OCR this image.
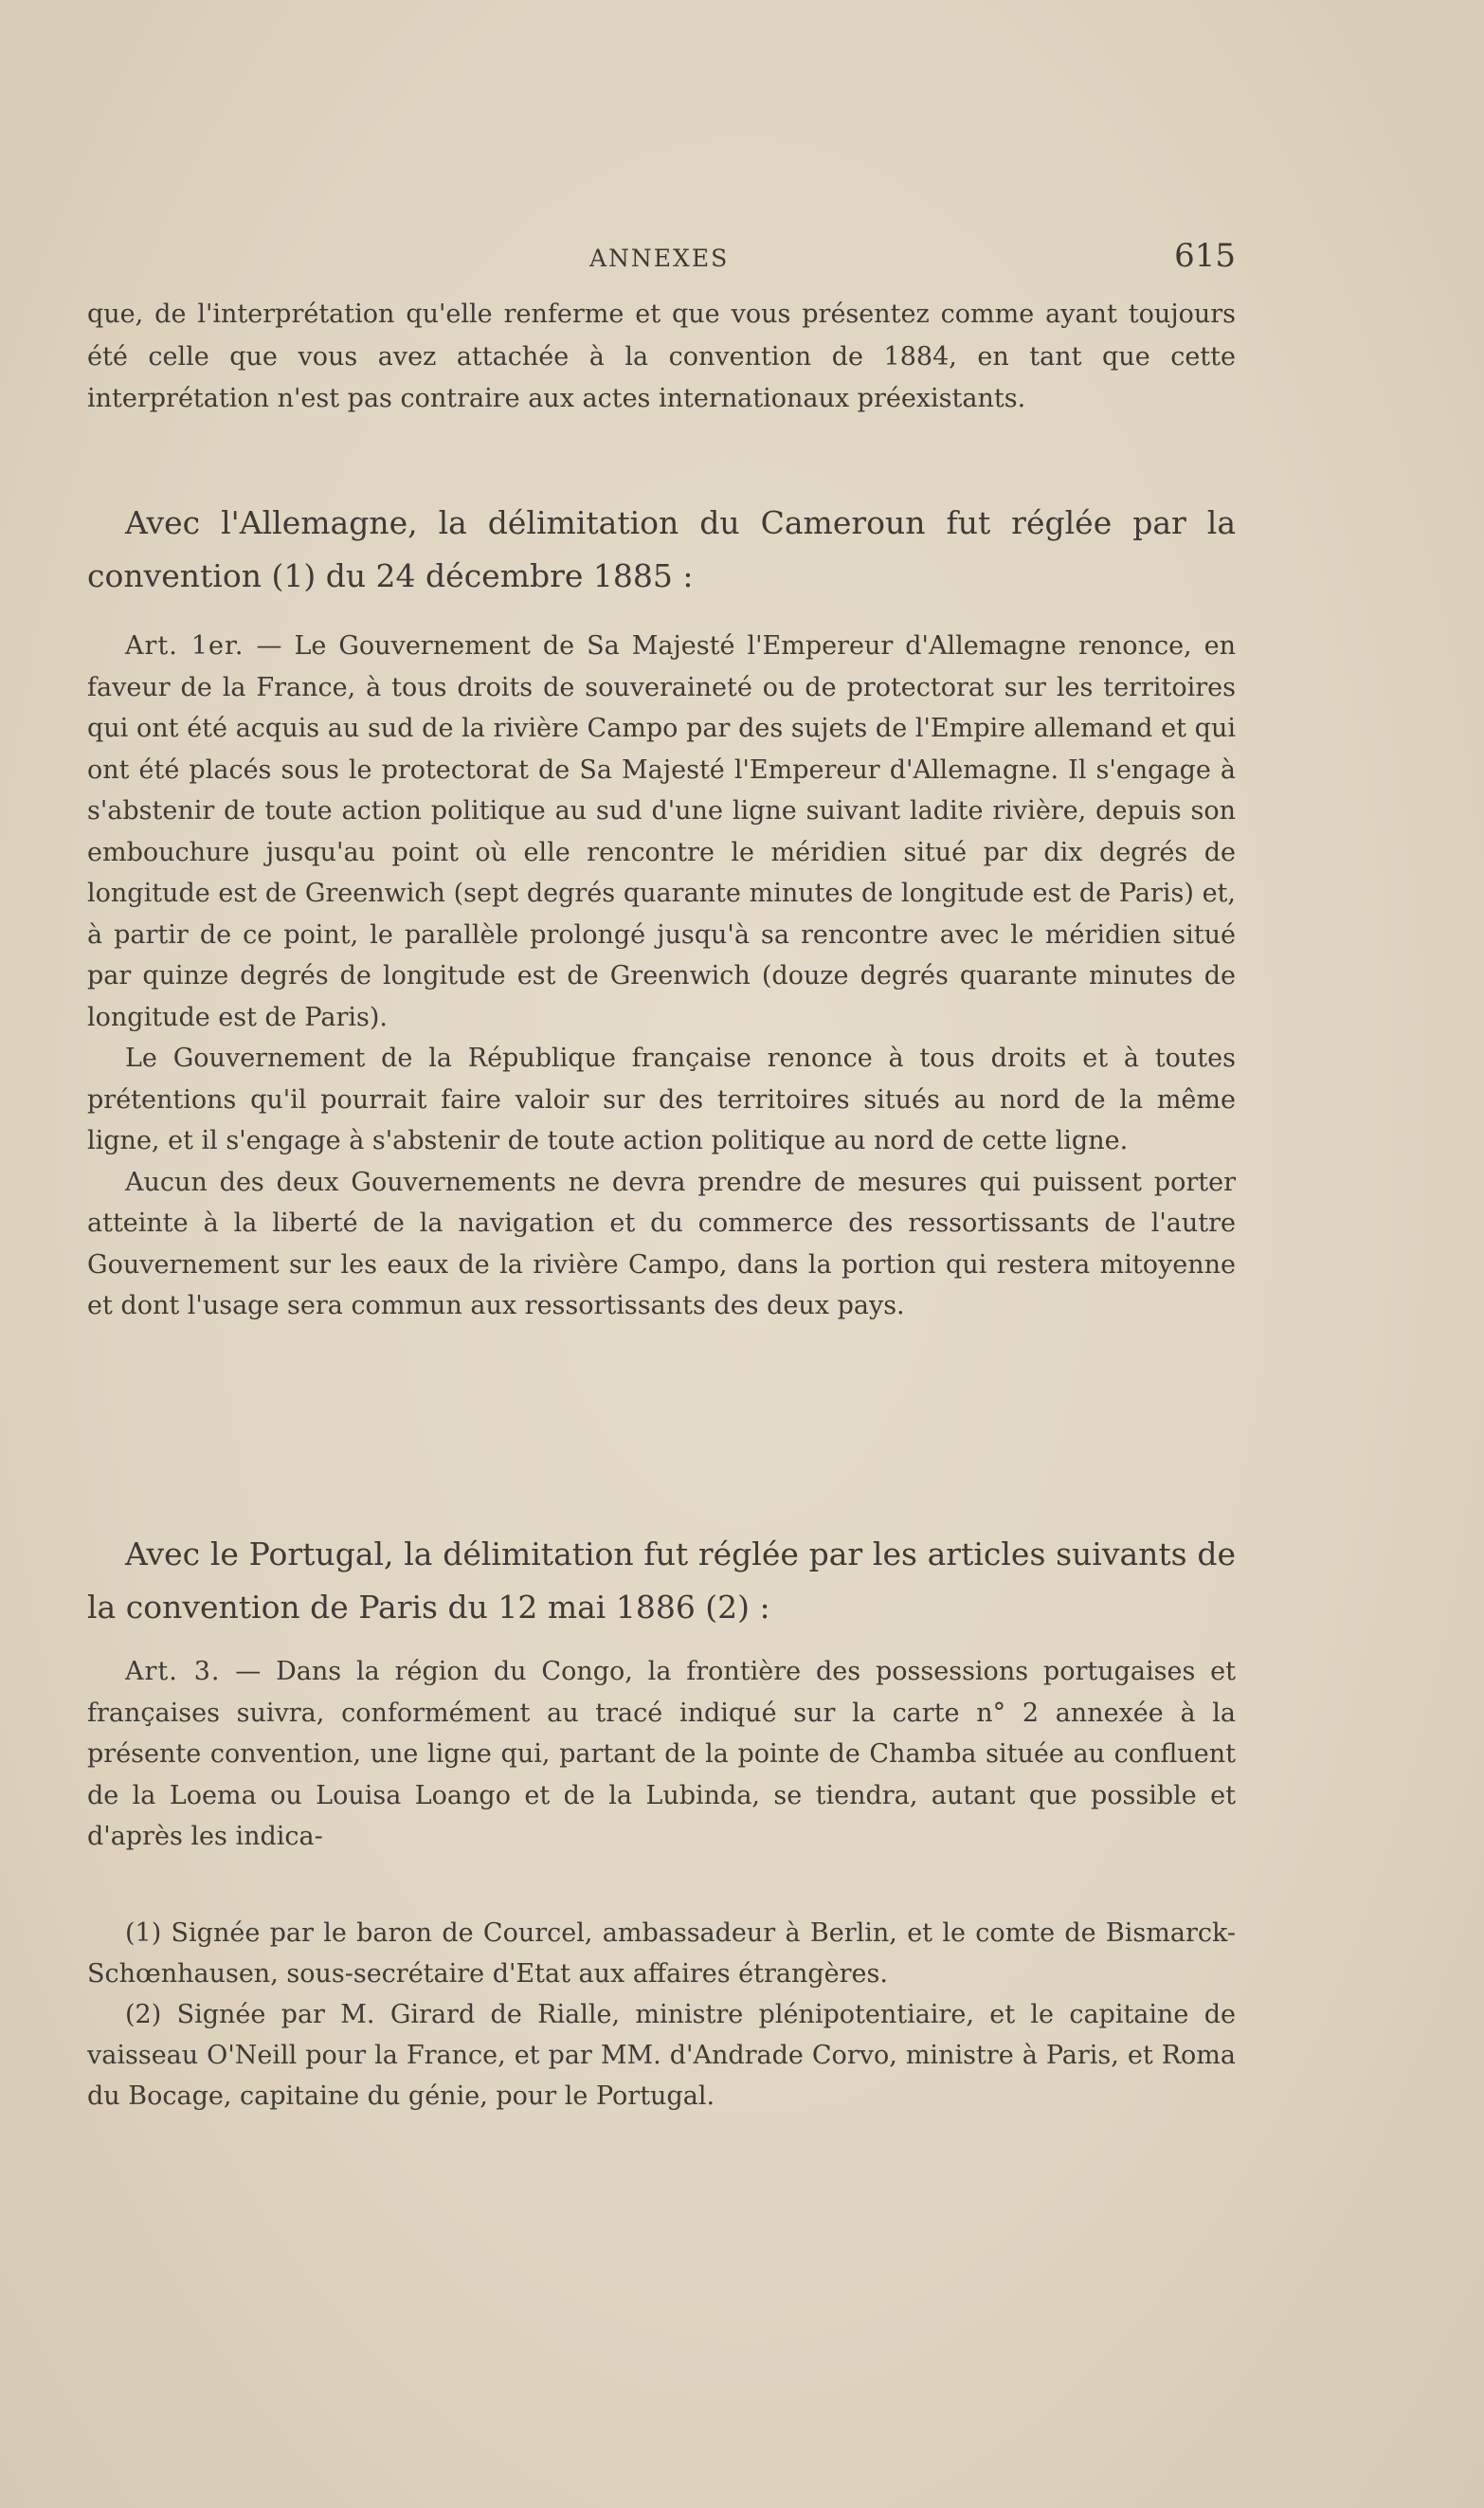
ANNEXES	615

que, de l'interprétation qu'elle renferme et que vous présentez comme ayant toujours été celle que vous avez attachée à la convention de 1884, en tant que cette interprétation n'est pas contraire aux actes internationaux préexistants.

Avec l'Allemagne, la délimitation du Cameroun fut réglée par la convention (1) du 24 décembre 1885 :

Art. 1er. — Le Gouvernement de Sa Majesté l'Empereur d'Allemagne renonce, en faveur de la France, à tous droits de souveraineté ou de protectorat sur les territoires qui ont été acquis au sud de la rivière Campo par des sujets de l'Empire allemand et qui ont été placés sous le protectorat de Sa Majesté l'Empereur d'Allemagne. Il s'engage à s'abstenir de toute action politique au sud d'une ligne suivant ladite rivière, depuis son embouchure jusqu'au point où elle rencontre le méridien situé par dix degrés de longitude est de Greenwich (sept degrés quarante minutes de longitude est de Paris) et, à partir de ce point, le parallèle prolongé jusqu'à sa rencontre avec le méridien situé par quinze degrés de longitude est de Greenwich (douze degrés quarante minutes de longitude est de Paris).

Le Gouvernement de la République française renonce à tous droits et à toutes prétentions qu'il pourrait faire valoir sur des territoires situés au nord de la même ligne, et il s'engage à s'abstenir de toute action politique au nord de cette ligne.

Aucun des deux Gouvernements ne devra prendre de mesures qui puissent porter atteinte à la liberté de la navigation et du commerce des ressortissants de l'autre Gouvernement sur les eaux de la rivière Campo, dans la portion qui restera mitoyenne et dont l'usage sera commun aux ressortissants des deux pays.

Avec le Portugal, la délimitation fut réglée par les articles suivants de la convention de Paris du 12 mai 1886 (2) :

Art. 3. — Dans la région du Congo, la frontière des possessions portugaises et françaises suivra, conformément au tracé indiqué sur la carte n° 2 annexée à la présente convention, une ligne qui, partant de la pointe de Chamba située au confluent de la Loema ou Louisa Loango et de la Lubinda, se tiendra, autant que possible et d'après les indica-

(1) Signée par le baron de Courcel, ambassadeur à Berlin, et le comte de Bismarck-Schœnhausen, sous-secrétaire d'Etat aux affaires étrangères.

(2) Signée par M. Girard de Rialle, ministre plénipotentiaire, et le capitaine de vaisseau O'Neill pour la France, et par MM. d'Andrade Corvo, ministre à Paris, et Roma du Bocage, capitaine du génie, pour le Portugal.
